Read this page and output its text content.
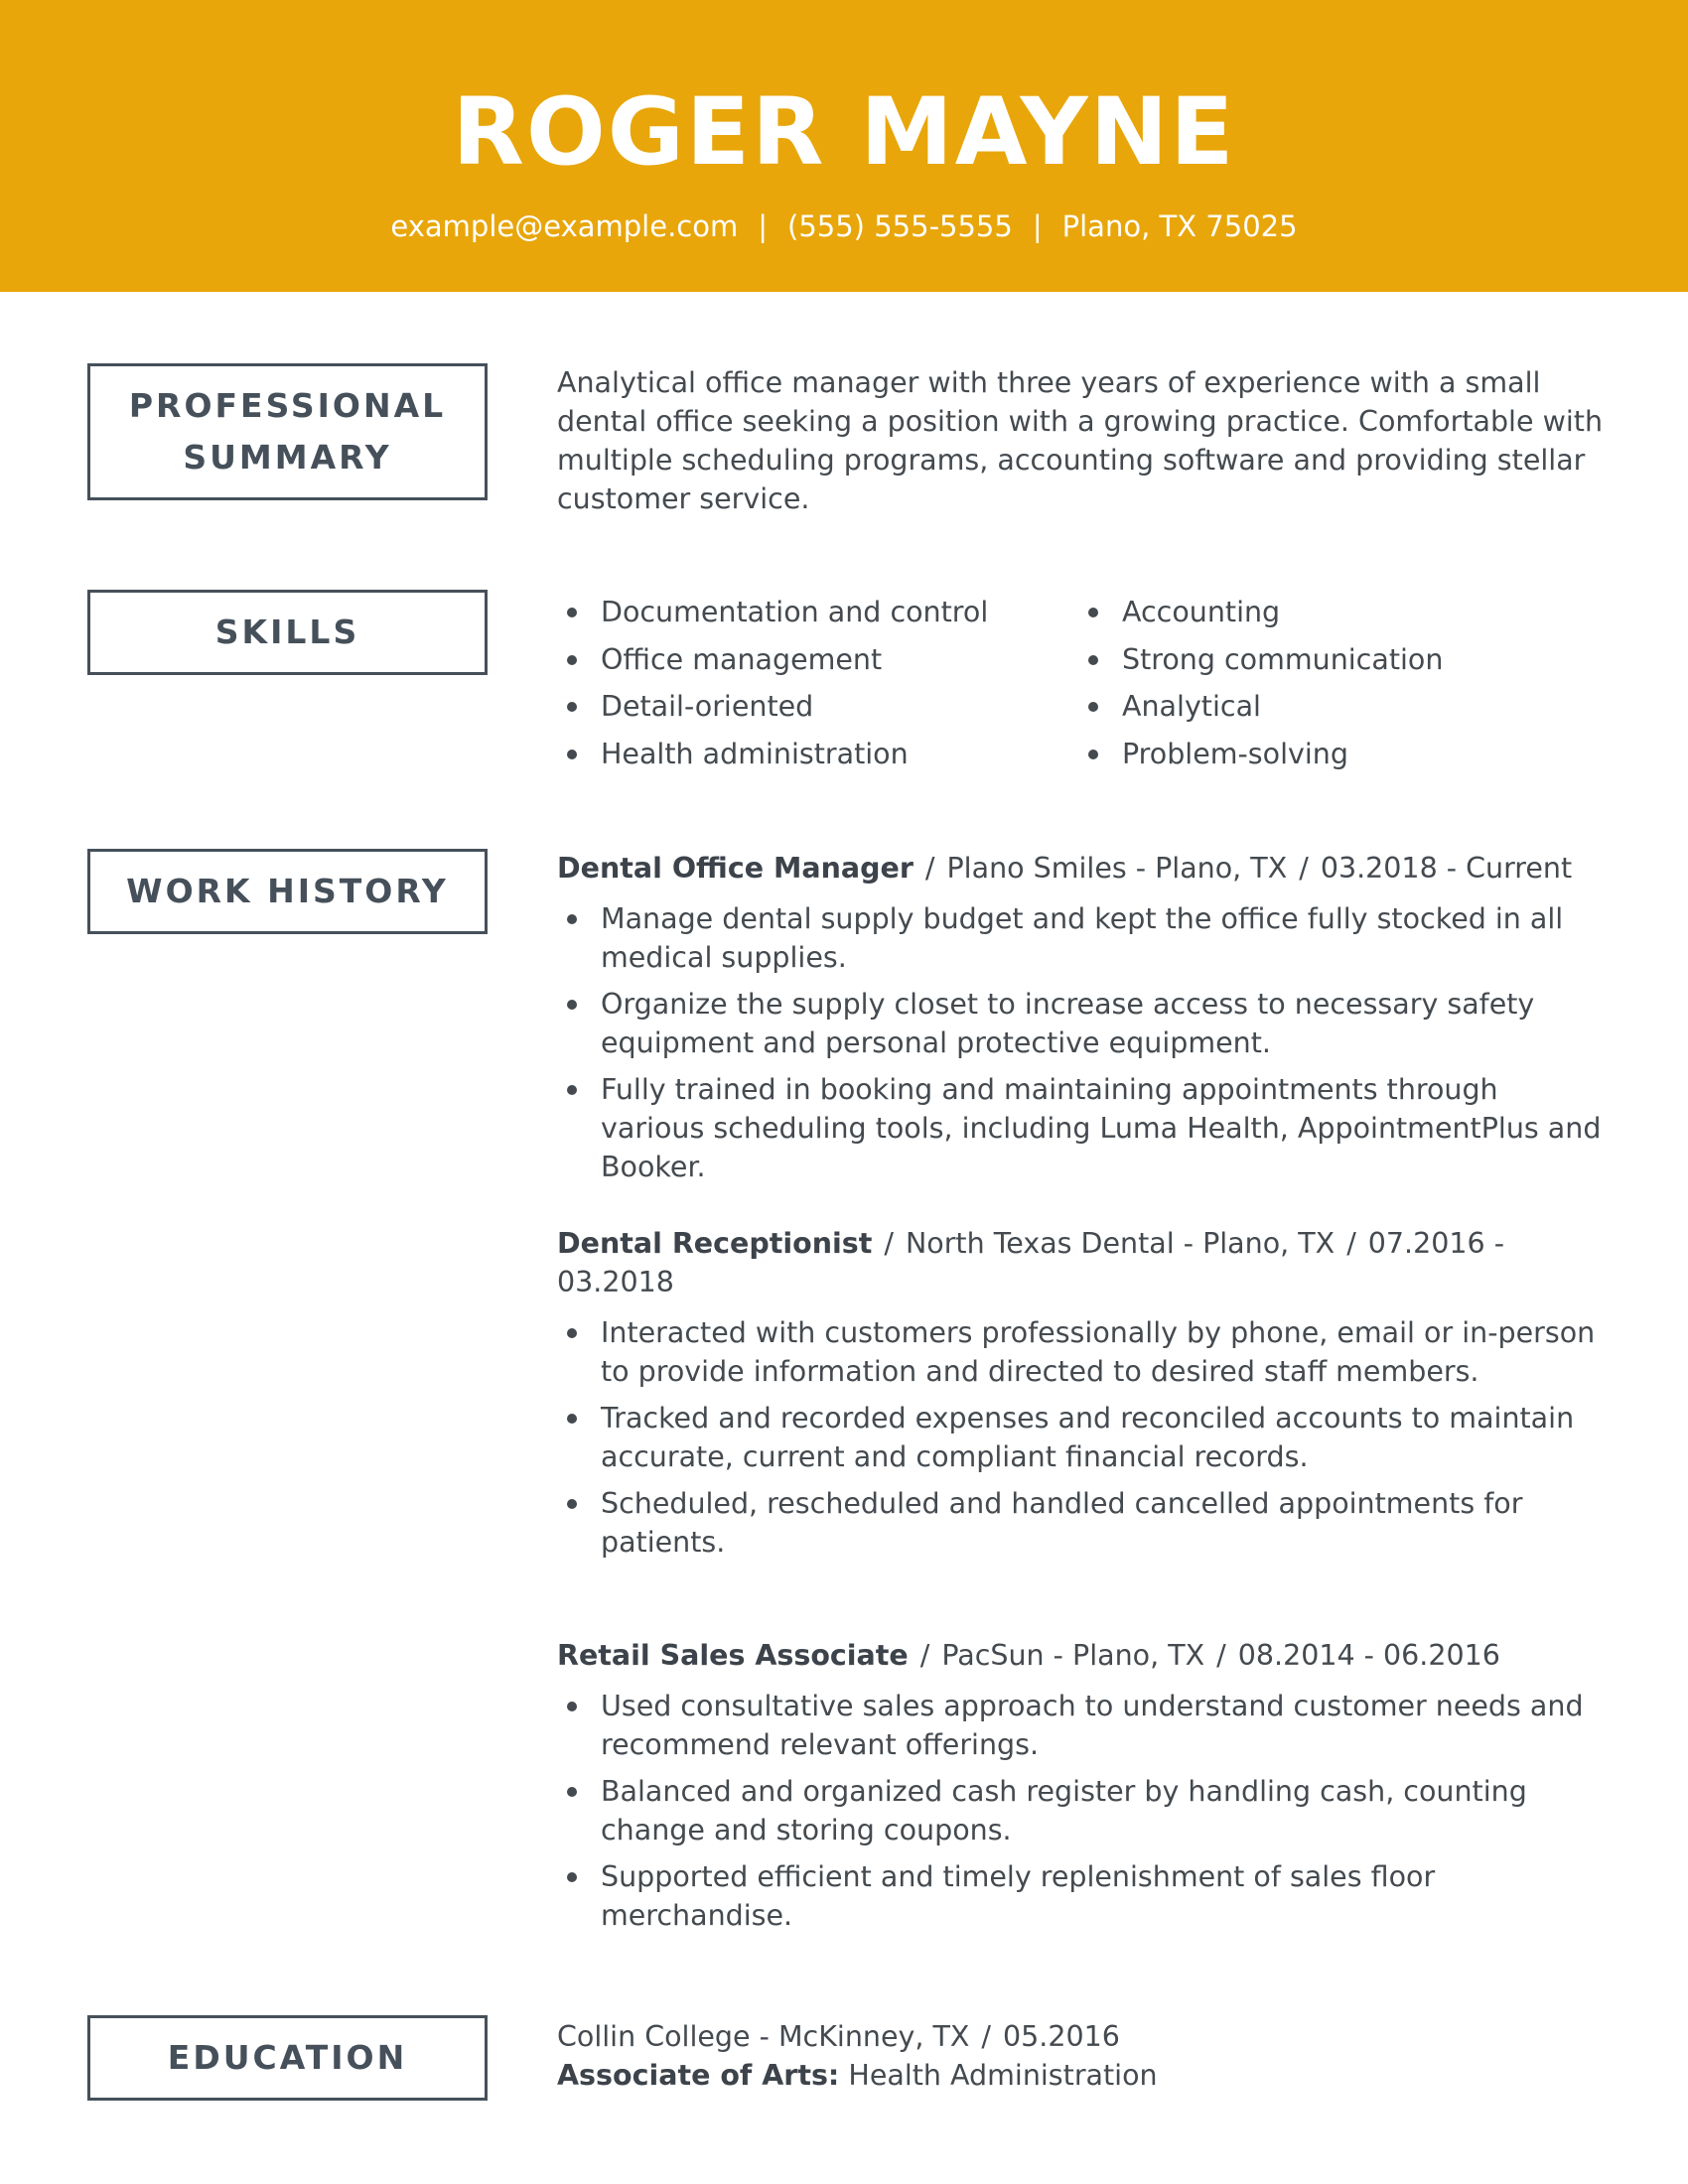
ROGER MAYNE
example@example.com | (555) 555-5555 | Plano, TX 75025
PROFESSIONAL
SUMMARY
Analytical office manager with three years of experience with a small dental office seeking a position with a growing practice. Comfortable with multiple scheduling programs, accounting software and providing stellar customer service.
SKILLS
Documentation and control
Office management
Detail-oriented
Health administration
Accounting
Strong communication
Analytical
Problem-solving
WORK HISTORY
Dental Office Manager / Plano Smiles - Plano, TX / 03.2018 - Current
Manage dental supply budget and kept the office fully stocked in all medical supplies.
Organize the supply closet to increase access to necessary safety equipment and personal protective equipment.
Fully trained in booking and maintaining appointments through various scheduling tools, including Luma Health, AppointmentPlus and Booker.
Dental Receptionist / North Texas Dental - Plano, TX / 07.2016 - 03.2018
Interacted with customers professionally by phone, email or in-person to provide information and directed to desired staff members.
Tracked and recorded expenses and reconciled accounts to maintain accurate, current and compliant financial records.
Scheduled, rescheduled and handled cancelled appointments for patients.
Retail Sales Associate / PacSun - Plano, TX / 08.2014 - 06.2016
Used consultative sales approach to understand customer needs and recommend relevant offerings.
Balanced and organized cash register by handling cash, counting change and storing coupons.
Supported efficient and timely replenishment of sales floor merchandise.
EDUCATION
Collin College - McKinney, TX / 05.2016
Associate of Arts: Health Administration
